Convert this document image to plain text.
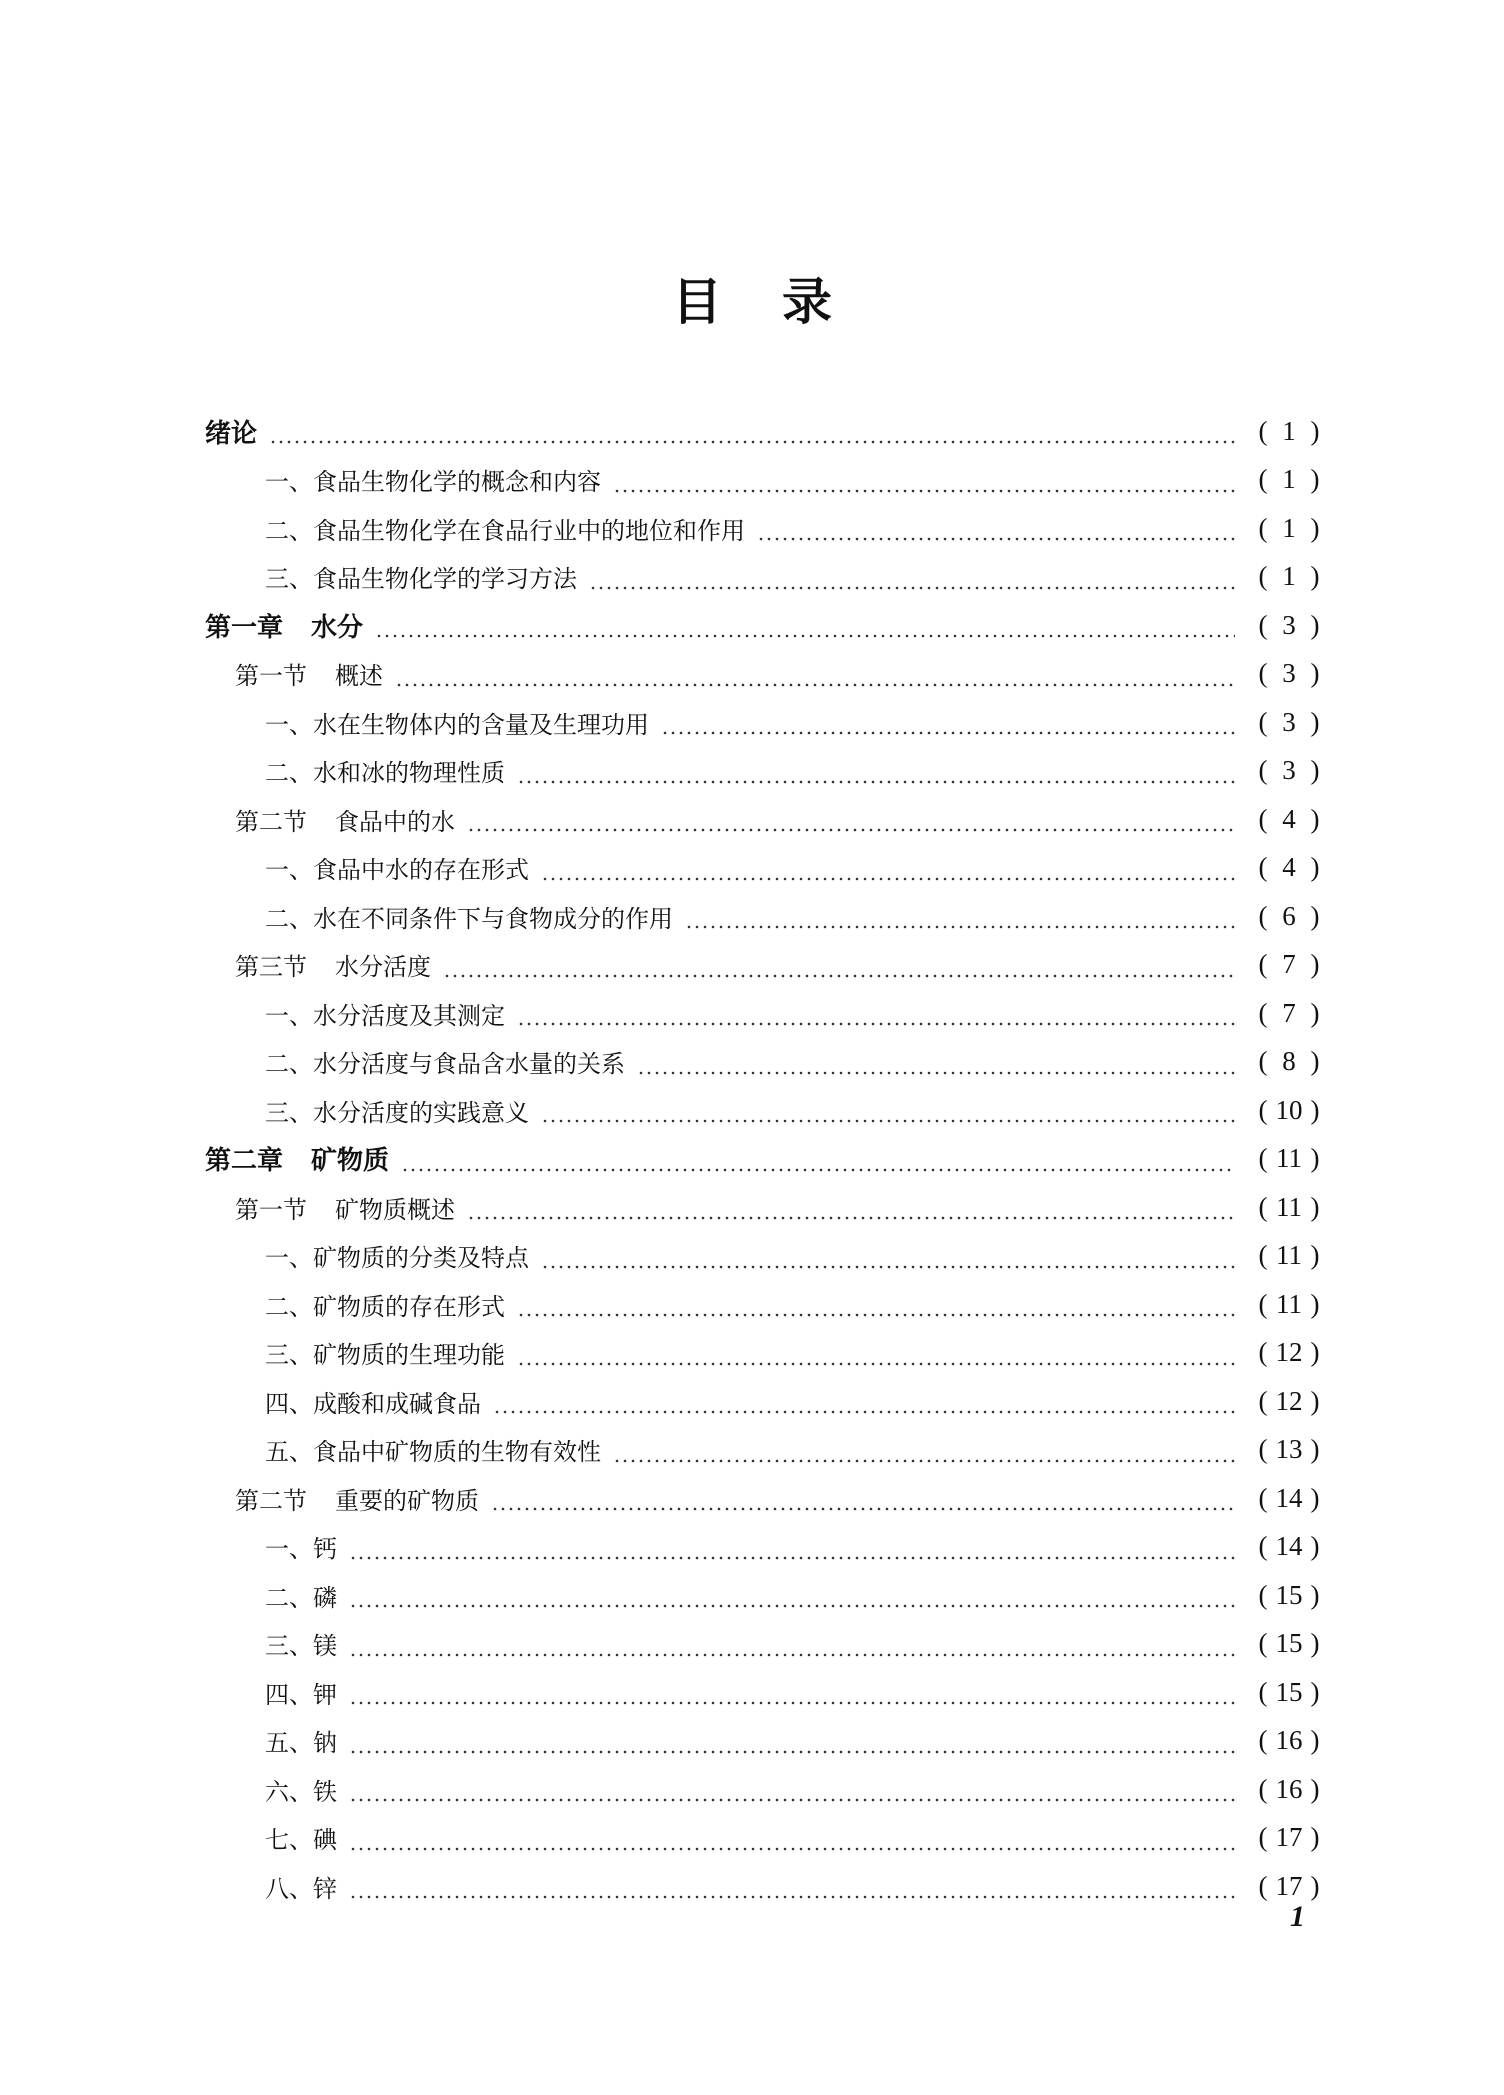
目录
绪论	( 1 )
一、食品生物化学的概念和内容	( 1 )
二、食品生物化学在食品行业中的地位和作用	( 1 )
三、食品生物化学的学习方法	( 1 )
第一章 水分	( 3 )
第一节 概述	( 3 )
一、水在生物体内的含量及生理功用	( 3 )
二、水和冰的物理性质	( 3 )
第二节 食品中的水	( 4 )
一、食品中水的存在形式	( 4 )
二、水在不同条件下与食物成分的作用	( 6 )
第三节 水分活度	( 7 )
一、水分活度及其测定	( 7 )
二、水分活度与食品含水量的关系	( 8 )
三、水分活度的实践意义	( 10 )
第二章 矿物质	( 11 )
第一节 矿物质概述	( 11 )
一、矿物质的分类及特点	( 11 )
二、矿物质的存在形式	( 11 )
三、矿物质的生理功能	( 12 )
四、成酸和成碱食品	( 12 )
五、食品中矿物质的生物有效性	( 13 )
第二节 重要的矿物质	( 14 )
一、钙	( 14 )
二、磷	( 15 )
三、镁	( 15 )
四、钾	( 15 )
五、钠	( 16 )
六、铁	( 16 )
七、碘	( 17 )
八、锌	( 17 )
1
